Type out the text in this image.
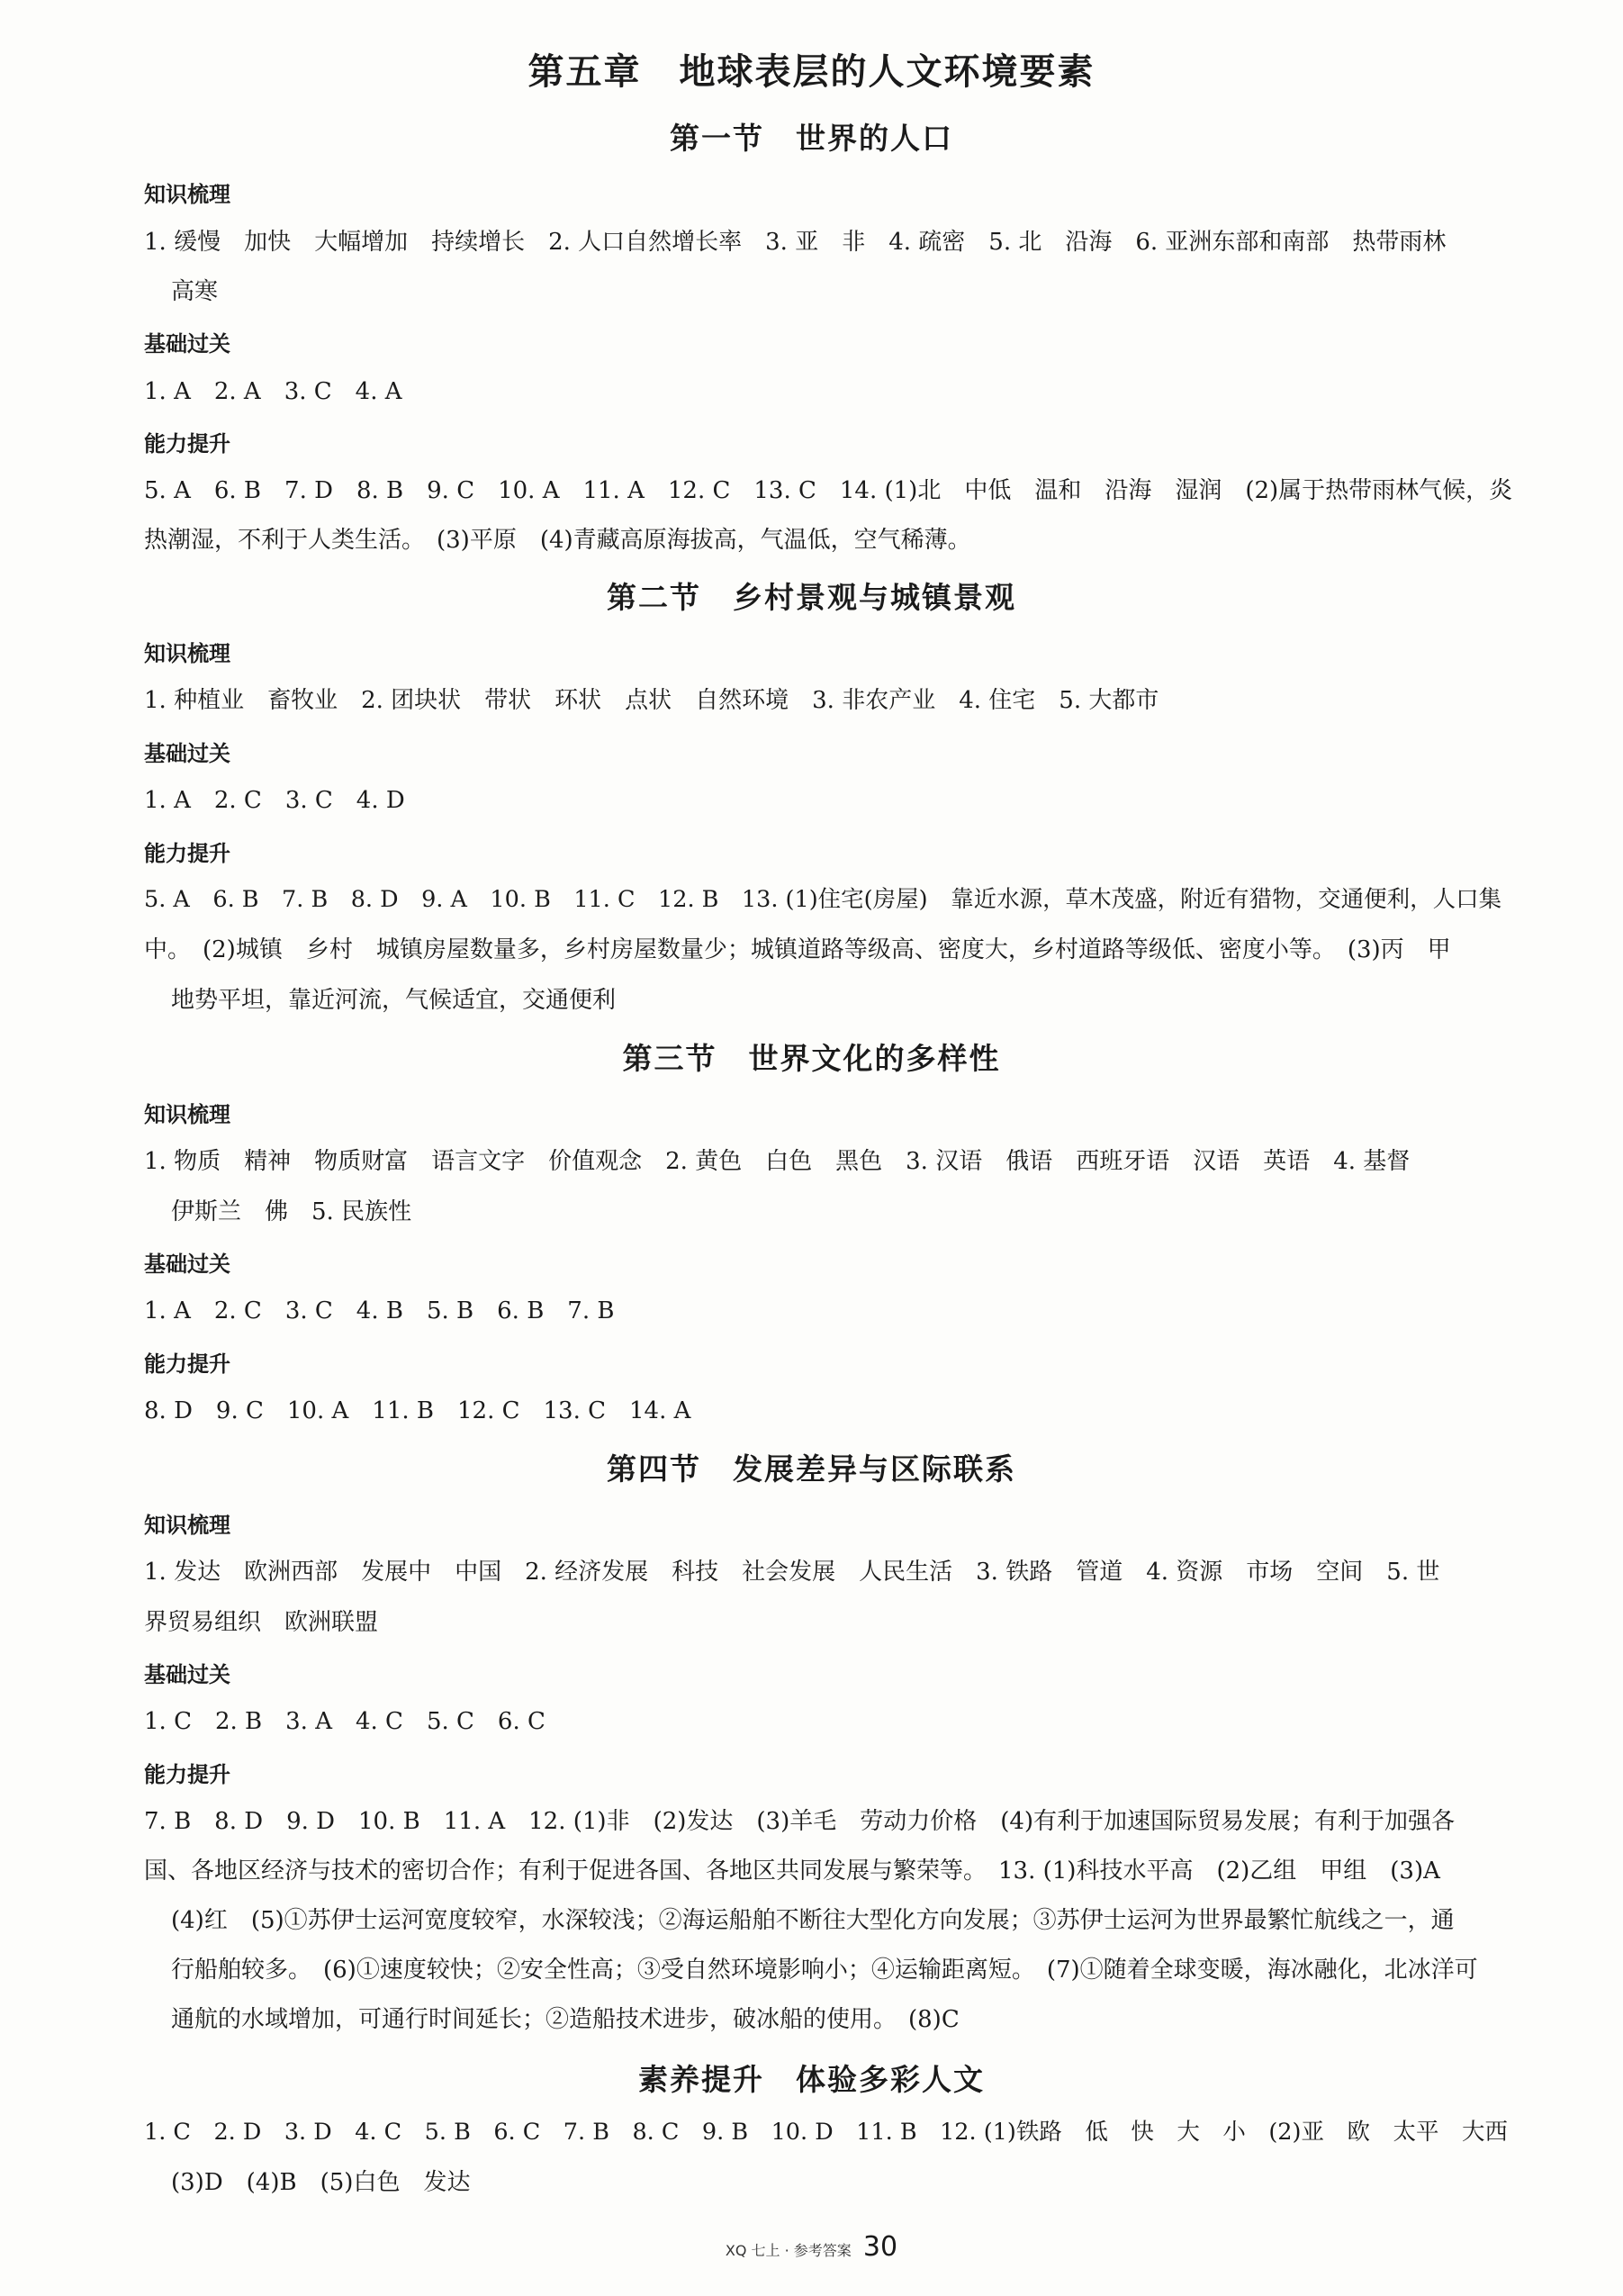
第五章　地球表层的人文环境要素
第一节　世界的人口
知识梳理
1. 缓慢　加快　大幅增加　持续增长　2. 人口自然增长率　3. 亚　非　4. 疏密　5. 北　沿海　6. 亚洲东部和南部　热带雨林
高寒
基础过关
1. A　2. A　3. C　4. A
能力提升
5. A　6. B　7. D　8. B　9. C　10. A　11. A　12. C　13. C　14. (1)北　中低　温和　沿海　湿润　(2)属于热带雨林气候，炎
热潮湿，不利于人类生活。　(3)平原　(4)青藏高原海拔高，气温低，空气稀薄。
第二节　乡村景观与城镇景观
知识梳理
1. 种植业　畜牧业　2. 团块状　带状　环状　点状　自然环境　3. 非农产业　4. 住宅　5. 大都市
基础过关
1. A　2. C　3. C　4. D
能力提升
5. A　6. B　7. B　8. D　9. A　10. B　11. C　12. B　13. (1)住宅(房屋)　靠近水源，草木茂盛，附近有猎物，交通便利，人口集
中。　(2)城镇　乡村　城镇房屋数量多，乡村房屋数量少；城镇道路等级高、密度大，乡村道路等级低、密度小等。　(3)丙　甲
地势平坦，靠近河流，气候适宜，交通便利
第三节　世界文化的多样性
知识梳理
1. 物质　精神　物质财富　语言文字　价值观念　2. 黄色　白色　黑色　3. 汉语　俄语　西班牙语　汉语　英语　4. 基督
伊斯兰　佛　5. 民族性
基础过关
1. A　2. C　3. C　4. B　5. B　6. B　7. B
能力提升
8. D　9. C　10. A　11. B　12. C　13. C　14. A
第四节　发展差异与区际联系
知识梳理
1. 发达　欧洲西部　发展中　中国　2. 经济发展　科技　社会发展　人民生活　3. 铁路　管道　4. 资源　市场　空间　5. 世
界贸易组织　欧洲联盟
基础过关
1. C　2. B　3. A　4. C　5. C　6. C
能力提升
7. B　8. D　9. D　10. B　11. A　12. (1)非　(2)发达　(3)羊毛　劳动力价格　(4)有利于加速国际贸易发展；有利于加强各
国、各地区经济与技术的密切合作；有利于促进各国、各地区共同发展与繁荣等。　13. (1)科技水平高　(2)乙组　甲组　(3)A
(4)红　(5)①苏伊士运河宽度较窄，水深较浅；②海运船舶不断往大型化方向发展；③苏伊士运河为世界最繁忙航线之一，通
行船舶较多。　(6)①速度较快；②安全性高；③受自然环境影响小；④运输距离短。　(7)①随着全球变暖，海冰融化，北冰洋可
通航的水域增加，可通行时间延长；②造船技术进步，破冰船的使用。　(8)C
素养提升　体验多彩人文
1. C　2. D　3. D　4. C　5. B　6. C　7. B　8. C　9. B　10. D　11. B　12. (1)铁路　低　快　大　小　(2)亚　欧　太平　大西
(3)D　(4)B　(5)白色　发达
XQ 七上 · 参考答案 30
